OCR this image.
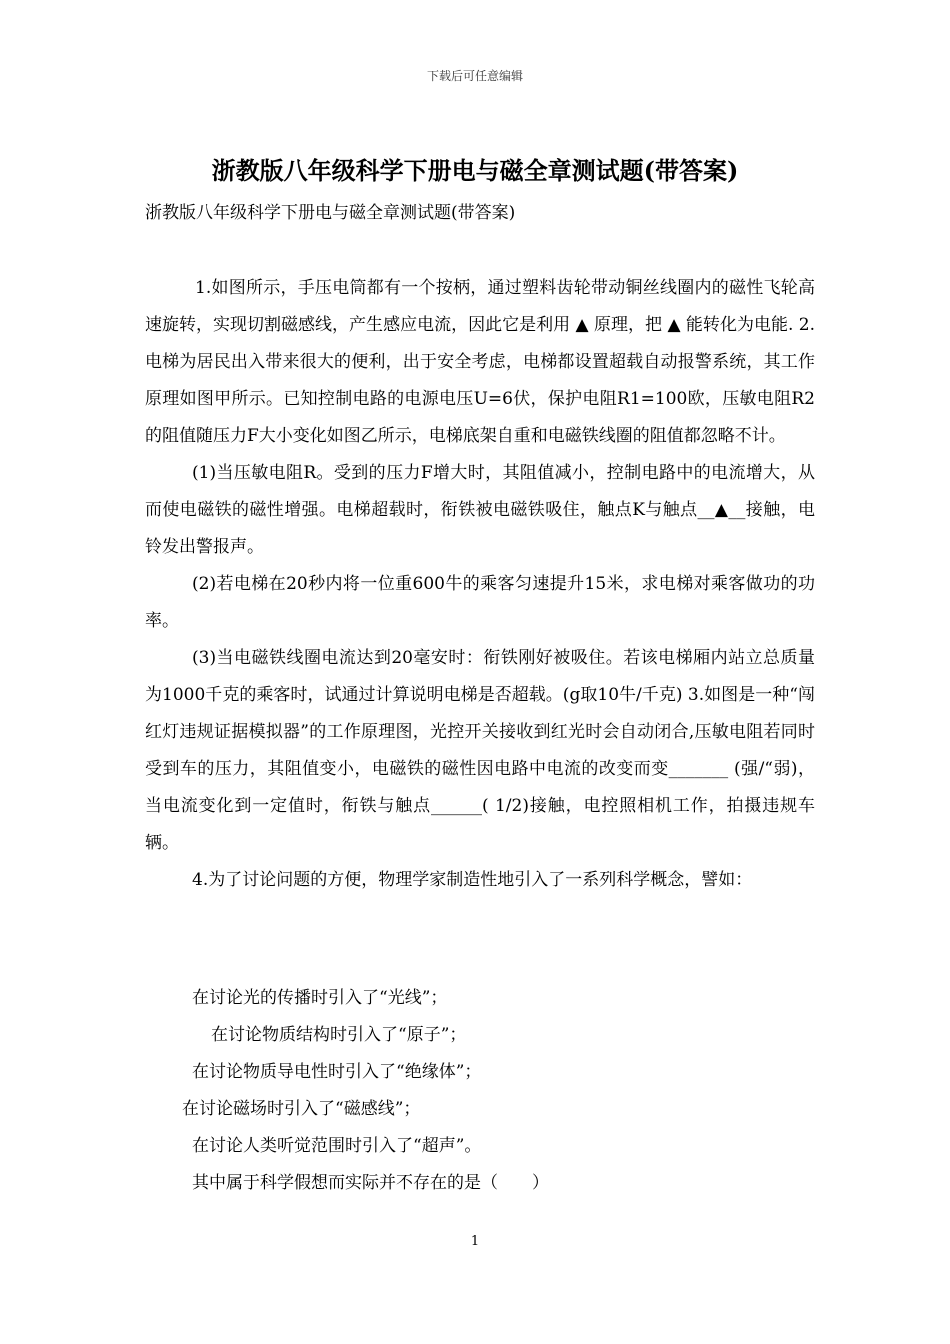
下载后可任意编辑
浙教版八年级科学下册电与磁全章测试题(带答案)
浙教版八年级科学下册电与磁全章测试题(带答案)

1.如图所示，手压电筒都有一个按柄，通过塑料齿轮带动铜丝线圈内的磁性飞轮高速旋转，实现切割磁感线，产生感应电流，因此它是利用 ▲ 原理，把 ▲ 能转化为电能. 2.电梯为居民出入带来很大的便利，出于安全考虑，电梯都设置超载自动报警系统，其工作原理如图甲所示。已知控制电路的电源电压U=6伏，保护电阻R1=100欧，压敏电阻R2的阻值随压力F大小变化如图乙所示，电梯底架自重和电磁铁线圈的阻值都忽略不计。

(1)当压敏电阻R。受到的压力F增大时，其阻值减小，控制电路中的电流增大，从而使电磁铁的磁性增强。电梯超载时，衔铁被电磁铁吸住，触点K与触点__▲__接触，电铃发出警报声。

(2)若电梯在20秒内将一位重600牛的乘客匀速提升15米，求电梯对乘客做功的功率。

(3)当电磁铁线圈电流达到20毫安时：衔铁刚好被吸住。若该电梯厢内站立总质量为1000千克的乘客时，试通过计算说明电梯是否超载。(g取10牛/千克) 3.如图是一种“闯红灯违规证据模拟器”的工作原理图，光控开关接收到红光时会自动闭合,压敏电阻若同时受到车的压力，其阻值变小，电磁铁的磁性因电路中电流的改变而变_______ (强/“弱)，当电流变化到一定值时，衔铁与触点______( 1/2)接触，电控照相机工作，拍摄违规车辆。

4.为了讨论问题的方便，物理学家制造性地引入了一系列科学概念，譬如：

在讨论光的传播时引入了“光线”；

在讨论物质结构时引入了“原子”；

在讨论物质导电性时引入了“绝缘体”；

在讨论磁场时引入了“磁感线”；

在讨论人类听觉范围时引入了“超声”。

其中属于科学假想而实际并不存在的是（　　）

1
